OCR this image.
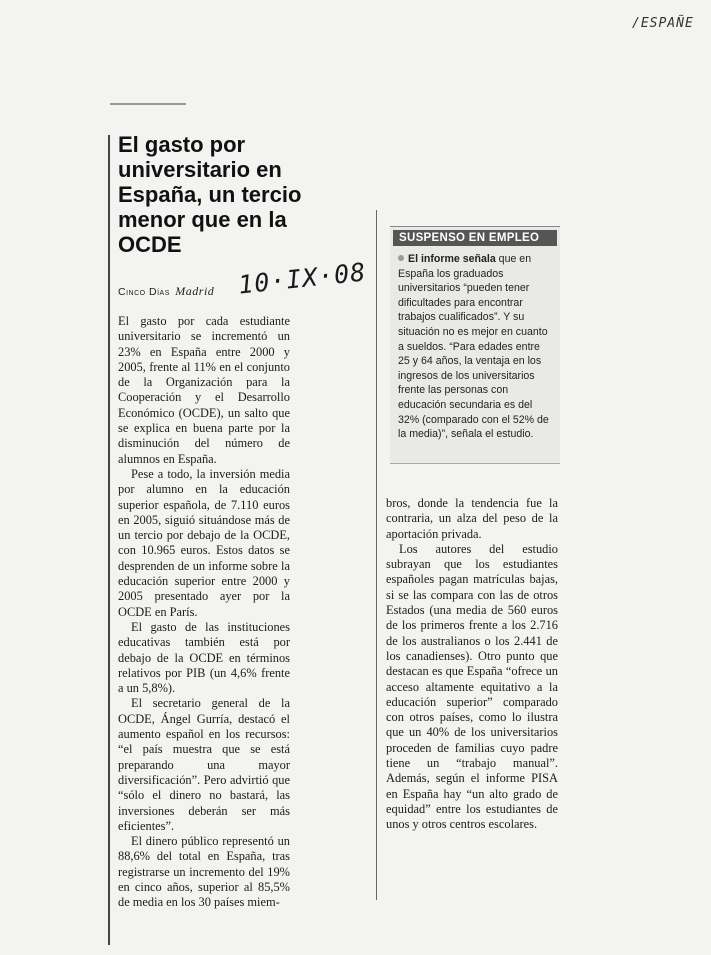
/ESPAÑE
El gasto por universitario en España, un tercio menor que en la OCDE
Cinco Días Madrid 10·IX·08

El gasto por cada estudiante universitario se incrementó un 23% en España entre 2000 y 2005, frente al 11% en el conjunto de la Organización para la Cooperación y el Desarrollo Económico (OCDE), un salto que se explica en buena parte por la disminución del número de alumnos en España.

Pese a todo, la inversión media por alumno en la educación superior española, de 7.110 euros en 2005, siguió situándose más de un tercio por debajo de la OCDE, con 10.965 euros. Estos datos se desprenden de un informe sobre la educación superior entre 2000 y 2005 presentado ayer por la OCDE en París.

El gasto de las instituciones educativas también está por debajo de la OCDE en términos relativos por PIB (un 4,6% frente a un 5,8%).

El secretario general de la OCDE, Ángel Gurría, destacó el aumento español en los recursos: “el país muestra que se está preparando una mayor diversificación”. Pero advirtió que “sólo el dinero no bastará, las inversiones deberán ser más eficientes”.

El dinero público representó un 88,6% del total en España, tras registrarse un incremento del 19% en cinco años, superior al 85,5% de media en los 30 países miem-

SUSPENSO EN EMPLEO
El informe señala que en España los graduados universitarios “pueden tener dificultades para encontrar trabajos cualificados”. Y su situación no es mejor en cuanto a sueldos. “Para edades entre 25 y 64 años, la ventaja en los ingresos de los universitarios frente las personas con educación secundaria es del 32% (comparado con el 52% de la media)”, señala el estudio.

bros, donde la tendencia fue la contraria, un alza del peso de la aportación privada.

Los autores del estudio subrayan que los estudiantes españoles pagan matrículas bajas, si se las compara con las de otros Estados (una media de 560 euros de los primeros frente a los 2.716 de los australianos o los 2.441 de los canadienses). Otro punto que destacan es que España “ofrece un acceso altamente equitativo a la educación superior” comparado con otros países, como lo ilustra que un 40% de los universitarios proceden de familias cuyo padre tiene un “trabajo manual”. Además, según el informe PISA en España hay “un alto grado de equidad” entre los estudiantes de unos y otros centros escolares.
